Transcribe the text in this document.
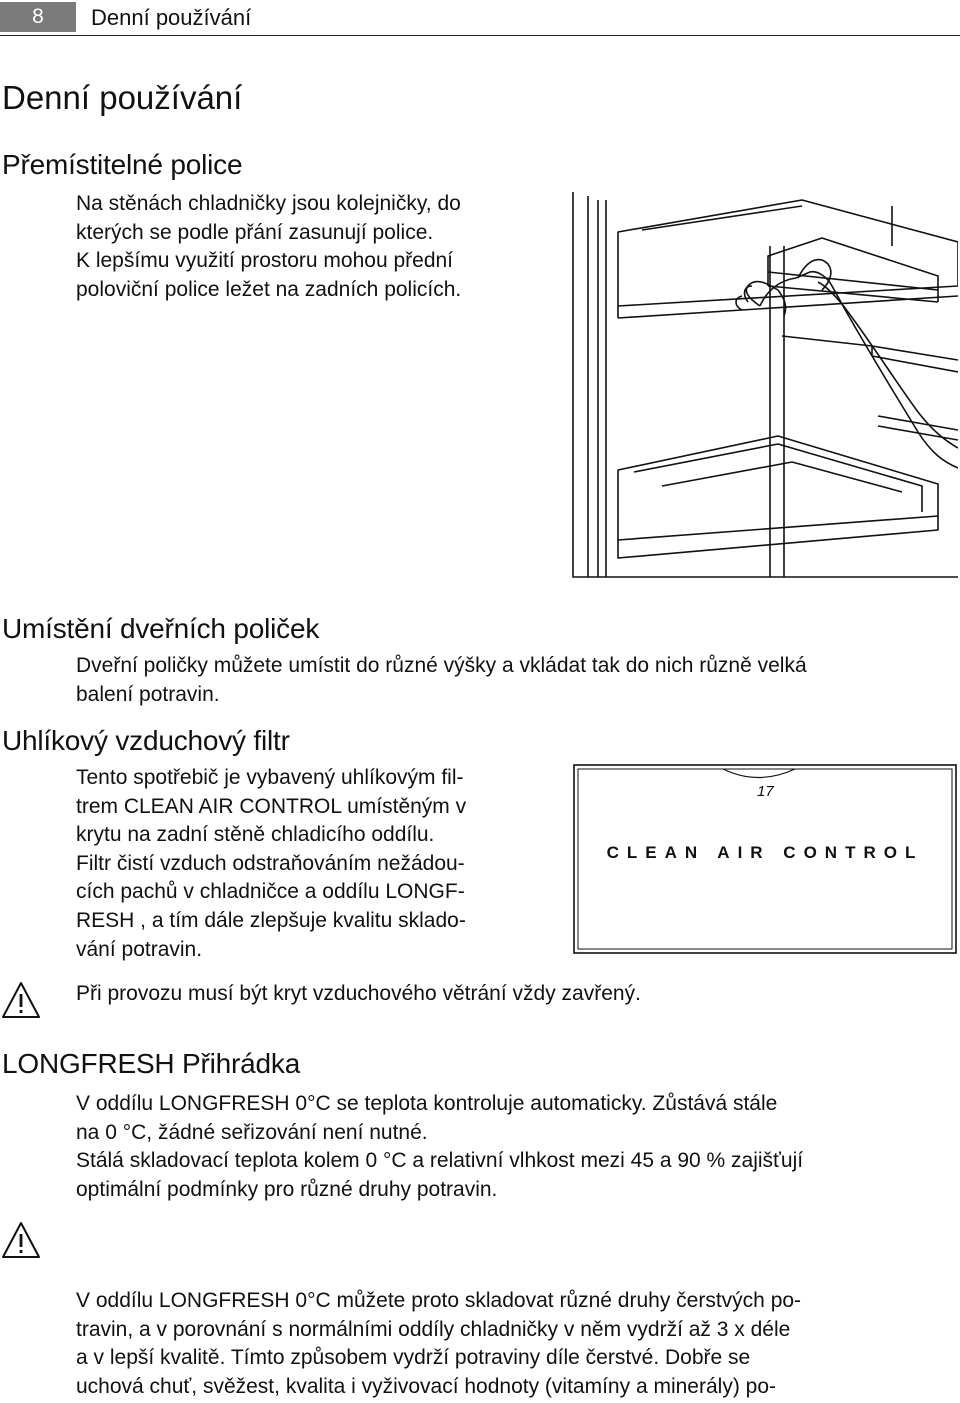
8	Denní používání
Denní používání
Přemístitelné police
Na stěnách chladničky jsou kolejničky, do
kterých se podle přání zasunují police.
K lepšímu využití prostoru mohou přední
poloviční police ležet na zadních policích.
Umístění dveřních poliček
Dveřní poličky můžete umístit do různé výšky a vkládat tak do nich různě velká
balení potravin.
Uhlíkový vzduchový filtr
Tento spotřebič je vybavený uhlíkovým fil-
trem CLEAN AIR CONTROL umístěným v
krytu na zadní stěně chladicího oddílu.
Filtr čistí vzduch odstraňováním nežádou-
cích pachů v chladničce a oddílu LONGF-
RESH , a tím dále zlepšuje kvalitu sklado-
vání potravin.
17
CLEAN AIR CONTROL
Při provozu musí být kryt vzduchového větrání vždy zavřený.
LONGFRESH Přihrádka
V oddílu LONGFRESH 0°C se teplota kontroluje automaticky. Zůstává stále
na 0 °C, žádné seřizování není nutné.
Stálá skladovací teplota kolem 0 °C a relativní vlhkost mezi 45 a 90 % zajišťují
optimální podmínky pro různé druhy potravin.
V oddílu LONGFRESH 0°C můžete proto skladovat různé druhy čerstvých po-
travin, a v porovnání s normálními oddíly chladničky v něm vydrží až 3 x déle
a v lepší kvalitě. Tímto způsobem vydrží potraviny díle čerstvé. Dobře se
uchová chuť, svěžest, kvalita i vyživovací hodnoty (vitamíny a minerály) po-
